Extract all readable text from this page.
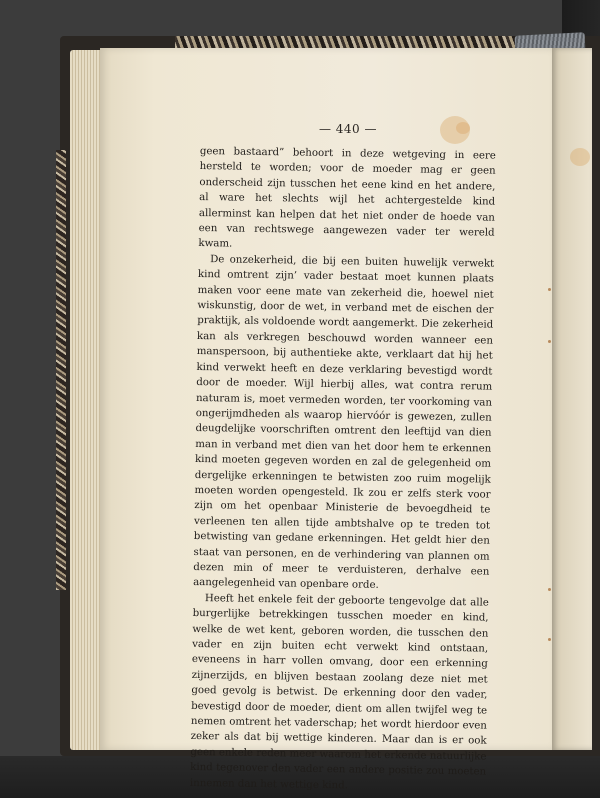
— 440 —

geen bastaard” behoort in deze wetgeving in eere hersteld te worden; voor de moeder mag er geen onderscheid zijn tusschen het eene kind en het andere, al ware het slechts wijl het achtergestelde kind allerminst kan helpen dat het niet onder de hoede van een van rechtswege aangewezen vader ter wereld kwam.

De onzekerheid, die bij een buiten huwelijk verwekt kind omtrent zijn’ vader bestaat moet kunnen plaats maken voor eene mate van zekerheid die, hoewel niet wiskunstig, door de wet, in verband met de eischen der praktijk, als voldoende wordt aangemerkt. Die zekerheid kan als verkregen beschouwd worden wanneer een manspersoon, bij authentieke akte, verklaart dat hij het kind verwekt heeft en deze verklaring bevestigd wordt door de moeder. Wijl hierbij alles, wat contra rerum naturam is, moet vermeden worden, ter voorkoming van ongerijmdheden als waarop hiervóór is gewezen, zullen deugdelijke voorschriften omtrent den leeftijd van dien man in verband met dien van het door hem te erkennen kind moeten gegeven worden en zal de gelegenheid om dergelijke erkenningen te betwisten zoo ruim mogelijk moeten worden opengesteld. Ik zou er zelfs sterk voor zijn om het openbaar Ministerie de bevoegdheid te verleenen ten allen tijde ambtshalve op te treden tot betwisting van gedane erkenningen. Het geldt hier den staat van personen, en de verhindering van plannen om dezen min of meer te verduisteren, derhalve een aangelegenheid van openbare orde.

Heeft het enkele feit der geboorte tengevolge dat alle burgerlijke betrekkingen tusschen moeder en kind, welke de wet kent, geboren worden, die tusschen den vader en zijn buiten echt verwekt kind ontstaan, eveneens in harr vollen omvang, door een erkenning zijnerzijds, en blijven bestaan zoolang deze niet met goed gevolg is betwist. De erkenning door den vader, bevestigd door de moeder, dient om allen twijfel weg te nemen omtrent het vaderschap; het wordt hierdoor even zeker als dat bij wettige kinderen. Maar dan is er ook geen enkele reden meer waarom het erkende natuurlijke kind tegenover den vader een andere positie zou moeten innemen dan het wettige kind.
